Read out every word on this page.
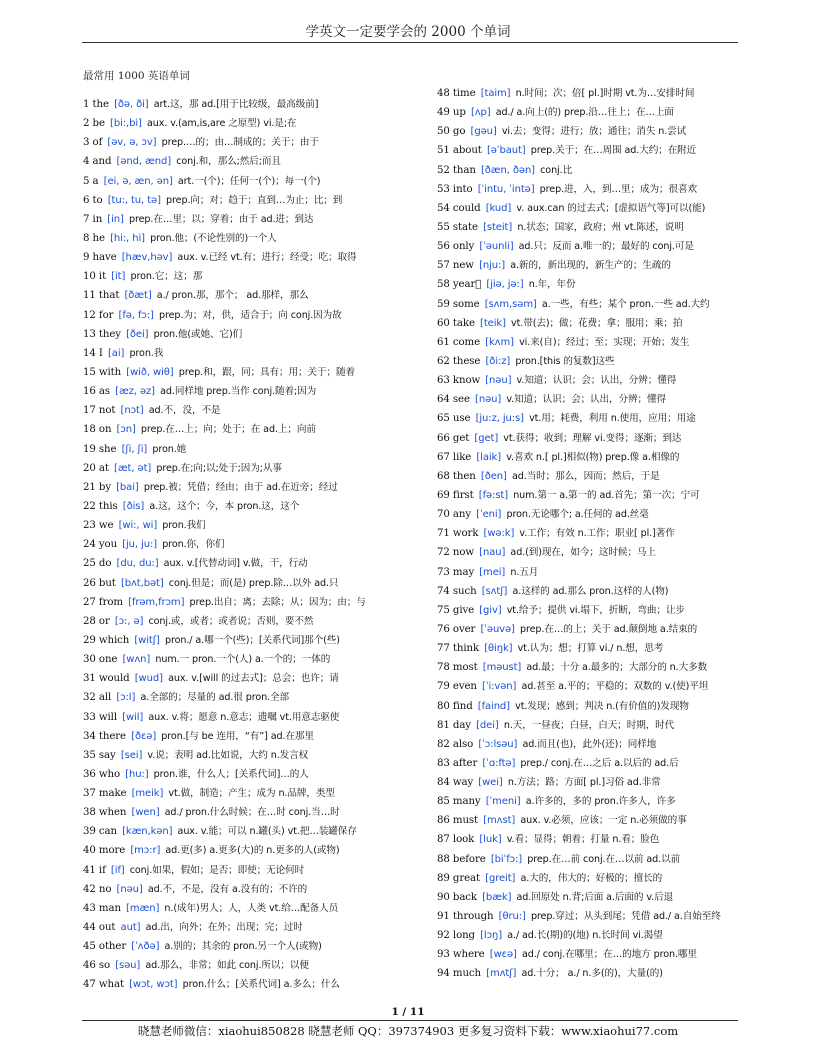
学英文一定要学会的 2000 个单词
最常用 1000 英语单词
1 the [ðə, ði] art.这，那 ad.[用于比较级，最高级前]
2 be [bi:,bi] aux. v.(am,is,are 之原型) vi.是;在
3 of [əv, ə, ɔv] prep.…的；由…制成的；关于；由于
4 and [ənd, ænd] conj.和，那么;然后;而且
5 a [ei, ə, æn, ən] art.一(个)；任何一(个)；每一(个)
6 to [tu:, tu, tə] prep.向；对；趋于；直到…为止；比；到
7 in [in] prep.在…里；以；穿着；由于 ad.进；到达
8 he [hi:, hi] pron.他；(不论性别的)一个人
9 have [hæv,həv] aux. v.已经 vt.有；进行；经受；吃；取得
10 it [it] pron.它；这；那
11 that [ðæt] a./ pron.那，那个； ad.那样，那么
12 for [fə, fɔ:] prep.为；对，供，适合于；向 conj.因为故
13 they [ðei] pron.他(或她、它)们
14 I [ai] pron.我
15 with [wið, wiθ] prep.和，跟，同；具有；用；关于；随着
16 as [æz, əz] ad.同样地 prep.当作 conj.随着;因为
17 not [nɔt] ad.不，没，不是
18 on [ɔn] prep.在…上；向；处于；在 ad.上；向前
19 she [ʃi, ʃi] pron.她
20 at [æt, ət] prep.在;向;以;处于;因为;从事
21 by [bai] prep.被；凭借；经由；由于 ad.在近旁；经过
22 this [ðis] a.这，这个；今，本 pron.这，这个
23 we [wi:, wi] pron.我们
24 you [ju, ju:] pron.你，你们
25 do [du, du:] aux. v.[代替动词] v.做，干，行动
26 but [bʌt,bət] conj.但是；而(是) prep.除…以外 ad.只
27 from [frəm,frɔm] prep.出自；离；去除；从；因为；由；与
28 or [ɔ:, ə] conj.或，或者；或者说；否则，要不然
29 which [witʃ] pron./ a.哪一个(些)；[关系代词]那个(些)
30 one [wʌn] num.一 pron.一个(人) a.一个的；一体的
31 would [wud] aux. v.[will 的过去式]；总会；也许；请
32 all [ɔ:l] a.全部的；尽量的 ad.很 pron.全部
33 will [wil] aux. v.将；愿意 n.意志；遗嘱 vt.用意志驱使
34 there [ðɛə] pron.[与 be 连用，“有”] ad.在那里
35 say [sei] v.说；表明 ad.比如说，大约 n.发言权
36 who [hu:] pron.谁，什么人；[关系代词]…的人
37 make [meik] vt.做，制造；产生；成为 n.品牌，类型
38 when [wen] ad./ pron.什么时候；在…时 conj.当…时
39 can [kæn,kən] aux. v.能；可以 n.罐(头) vt.把…装罐保存
40 more [mɔ:r] ad.更(多) a.更多(大)的 n.更多的人(或物)
41 if [if] conj.如果，假如；是否；即使；无论何时
42 no [nəu] ad.不，不是，没有 a.没有的；不许的
43 man [mæn] n.(成年)男人；人，人类 vt.给…配备人员
44 out aut] ad.出，向外；在外；出现；完；过时
45 other [ˈʌðə] a.别的；其余的 pron.另一个人(或物)
46 so [səu] ad.那么，非常；如此 conj.所以；以便
47 what [wɔt, wɔt] pron.什么；[关系代词] a.多么；什么
48 time [taim] n.时间；次；倍[ pl.]时期 vt.为…安排时间
49 up [ʌp] ad./ a.向上(的) prep.沿…往上；在…上面
50 go [gəu] vi.去；变得；进行；放；通往；消失 n.尝试
51 about [əˈbaut] prep.关于；在…周围 ad.大约；在附近
52 than [ðæn, ðən] conj.比
53 into [ˈintu, ˈintə] prep.进，入，到…里；成为；很喜欢
54 could [kud] v. aux.can 的过去式；[虚拟语气等]可以(能)
55 state [steit] n.状态；国家，政府；州 vt.陈述，说明
56 only [ˈəunli] ad.只；反而 a.唯一的；最好的 conj.可是
57 new [nju:] a.新的，新出现的，新生产的；生疏的
58 year [jiə, jə:] n.年，年份
59 some [sʌm,səm] a.一些，有些；某个 pron.一些 ad.大约
60 take [teik] vt.带(去)；做；花费；拿；服用；乘；拍
61 come [kʌm] vi.来(自)；经过；至；实现；开始；发生
62 these [ði:z] pron.[this 的复数]这些
63 know [nəu] v.知道；认识；会；认出，分辨；懂得
64 see [nəu] v.知道；认识；会；认出，分辨；懂得
65 use [ju:z, ju:s] vt.用；耗费，利用 n.使用，应用；用途
66 get [get] vt.获得；收到；理解 vi.变得；逐渐；到达
67 like [laik] v.喜欢 n.[ pl.]相似(物) prep.像 a.相像的
68 then [ðen] ad.当时；那么，因而；然后，于是
69 first [fə:st] num.第一 a.第一的 ad.首先；第一次；宁可
70 any [ˈeni] pron.无论哪个; a.任何的 ad.丝毫
71 work [wə:k] v.工作；有效 n.工作；职业[ pl.]著作
72 now [nau] ad.(到)现在，如今；这时候；马上
73 may [mei] n.五月
74 such [sʌtʃ] a.这样的 ad.那么 pron.这样的人(物)
75 give [giv] vt.给予；提供 vi.塌下，折断，弯曲；让步
76 over [ˈəuvə] prep.在…的上；关于 ad.颠倒地 a.结束的
77 think [θiŋk] vt.认为；想；打算 vi./ n.想，思考
78 most [məust] ad.最；十分 a.最多的；大部分的 n.大多数
79 even [ˈi:vən] ad.甚至 a.平的；平稳的；双数的 v.(使)平坦
80 find [faind] vt.发现；感到；判决 n.(有价值的)发现物
81 day [dei] n.天，一昼夜；白昼，白天；时期，时代
82 also [ˈɔ:lsəu] ad.而且(也)，此外(还)；同样地
83 after [ˈɑ:ftə] prep./ conj.在…之后 a.以后的 ad.后
84 way [wei] n.方法；路；方面[ pl.]习俗 ad.非常
85 many [ˈmeni] a.许多的，多的 pron.许多人，许多
86 must [mʌst] aux. v.必须，应该；一定 n.必须做的事
87 look [luk] v.看；显得；朝着；打量 n.看；脸色
88 before [biˈfɔ:] prep.在…前 conj.在…以前 ad.以前
89 great [greit] a.大的，伟大的；好极的；擅长的
90 back [bæk] ad.回原处 n.背;后面 a.后面的 v.后退
91 through [θru:] prep.穿过；从头到尾；凭借 ad./ a.自始至终
92 long [lɔŋ] a./ ad.长(期)的(地) n.长时间 vi.渴望
93 where [wɛə] ad./ conj.在哪里；在…的地方 pron.哪里
94 much [mʌtʃ] ad.十分； a./ n.多(的)，大量(的)
1 / 11
晓慧老师微信：xiaohui850828 晓慧老师 QQ：397374903 更多复习资料下载：www.xiaohui77.com
